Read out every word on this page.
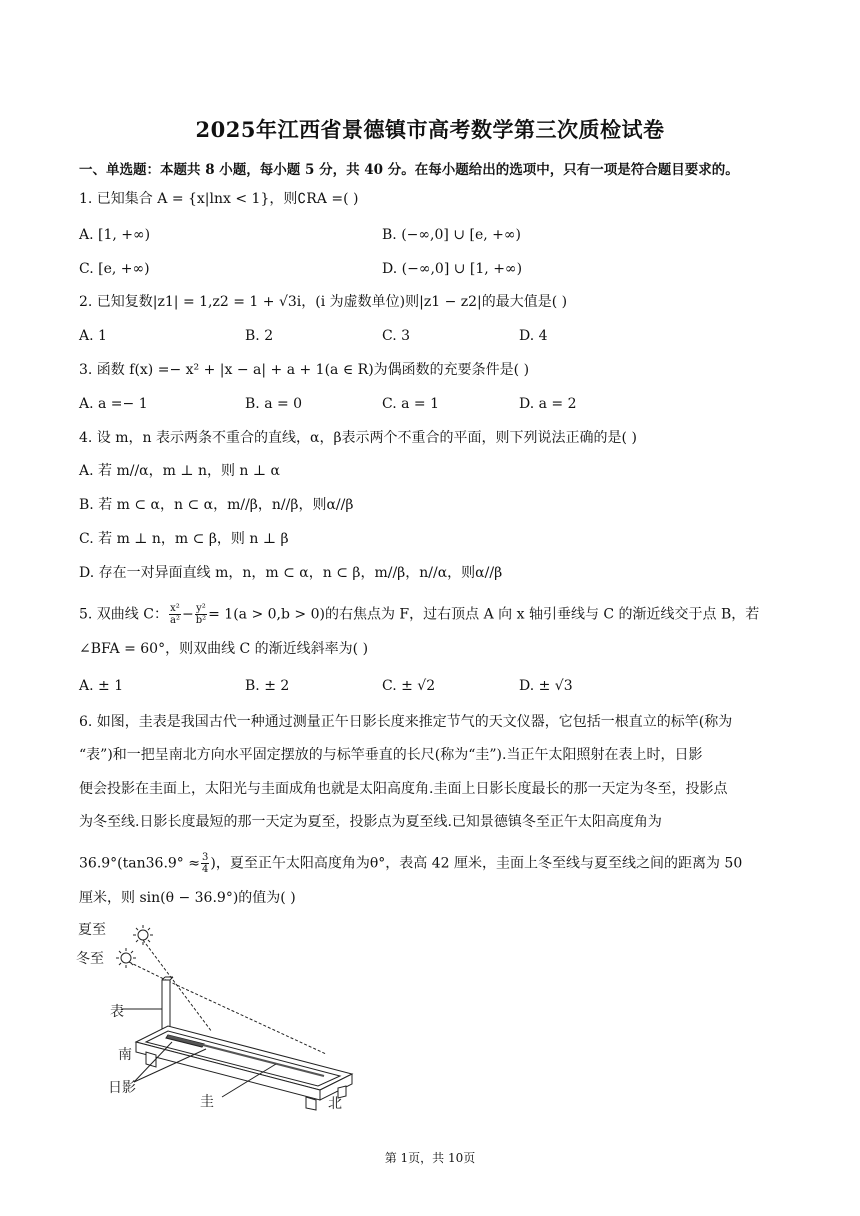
2025年江西省景德镇市高考数学第三次质检试卷
一、单选题：本题共 8 小题，每小题 5 分，共 40 分。在每小题给出的选项中，只有一项是符合题目要求的。
1. 已知集合 A = {x|lnx < 1}，则∁RA =( )
A. [1, +∞)	B. (−∞,0] ∪ [e, +∞)
C. [e, +∞)	D. (−∞,0] ∪ [1, +∞)
2. 已知复数|z1| = 1,z2 = 1 + √3i，(i 为虚数单位)则|z1 − z2|的最大值是( )
A. 1	B. 2	C. 3	D. 4
3. 函数 f(x) =− x² + |x − a| + a + 1(a ∈ R)为偶函数的充要条件是( )
A. a =− 1	B. a = 0	C. a = 1	D. a = 2
4. 设 m，n 表示两条不重合的直线，α，β表示两个不重合的平面，则下列说法正确的是( )
A. 若 m//α，m ⊥ n，则 n ⊥ α
B. 若 m ⊂ α，n ⊂ α，m//β，n//β，则α//β
C. 若 m ⊥ n，m ⊂ β，则 n ⊥ β
D. 存在一对异面直线 m，n，m ⊂ α，n ⊂ β，m//β，n//α，则α//β
5. 双曲线 C： $\frac{\text{x²}}{\text{a²}} - \frac{\text{y²}}{\text{b²}} = 1(a > 0,b > 0)$的右焦点为 F，过右顶点 A 向 x 轴引垂线与 C 的渐近线交于点 B，若
∠BFA = 60°，则双曲线 C 的渐近线斜率为( )
A. ± 1	B. ± 2	C. ± √2	D. ± √3
6. 如图，圭表是我国古代一种通过测量正午日影长度来推定节气的天文仪器，它包括一根直立的标竿(称为
“表”)和一把呈南北方向水平固定摆放的与标竿垂直的长尺(称为“圭”).当正午太阳照射在表上时，日影
便会投影在圭面上，太阳光与圭面成角也就是太阳高度角.圭面上日影长度最长的那一天定为冬至，投影点
为冬至线.日影长度最短的那一天定为夏至，投影点为夏至线.已知景德镇冬至正午太阳高度角为
$36.9^\circ(\tan 36.9^\circ \approx \frac{3}{4}$ )，夏至正午太阳高度角为θ°，表高 42 厘米，圭面上冬至线与夏至线之间的距离为 50
厘米，则 sin(θ − 36.9°)的值为( )
夏至
冬至
表
南
日影
圭	北
第 1页，共 10页
